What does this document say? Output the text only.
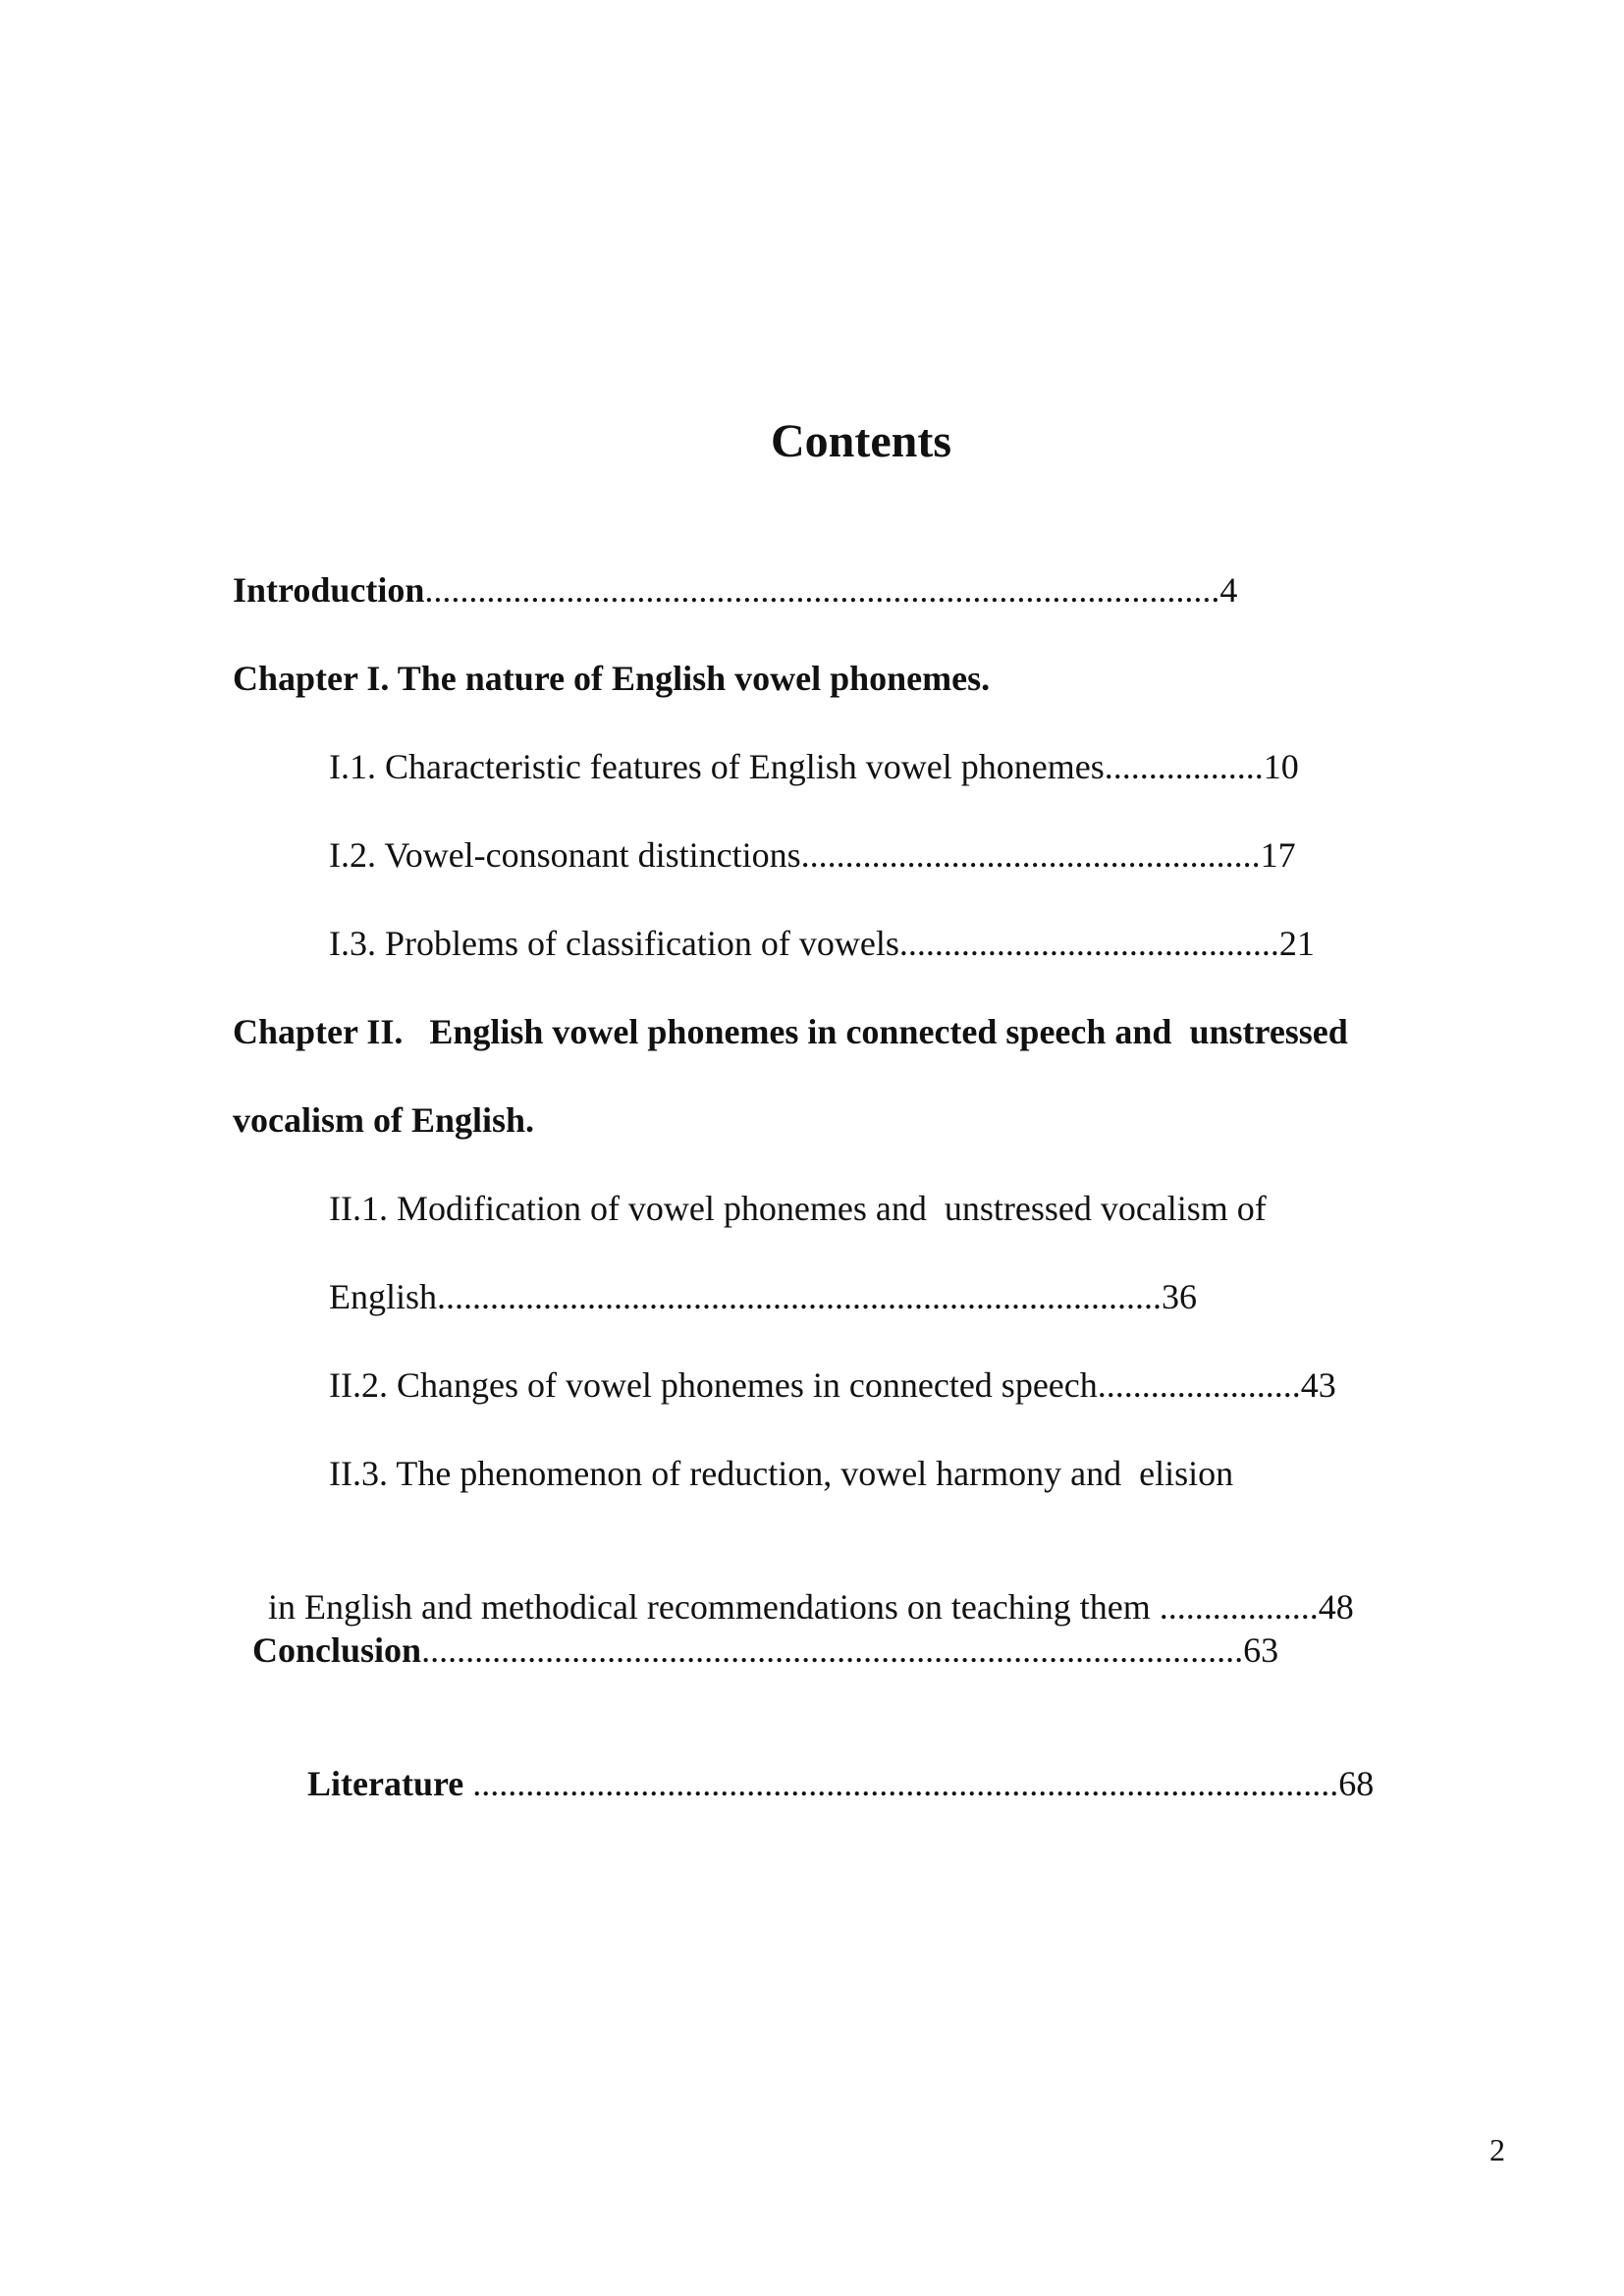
Contents
Introduction..........................................................................................4
Chapter I. The nature of English vowel phonemes.
I.1. Characteristic features of English vowel phonemes..................10
I.2. Vowel-consonant distinctions....................................................17
I.3. Problems of classification of vowels...........................................21
Chapter II.   English vowel phonemes in connected speech and  unstressed
vocalism of English.
II.1. Modification of vowel phonemes and  unstressed vocalism of
English..................................................................................36
II.2. Changes of vowel phonemes in connected speech.......................43
II.3. The phenomenon of reduction, vowel harmony and  elision

in English and methodical recommendations on teaching them ..................48

Conclusion.............................................................................................63

Literature ..................................................................................................68

2
